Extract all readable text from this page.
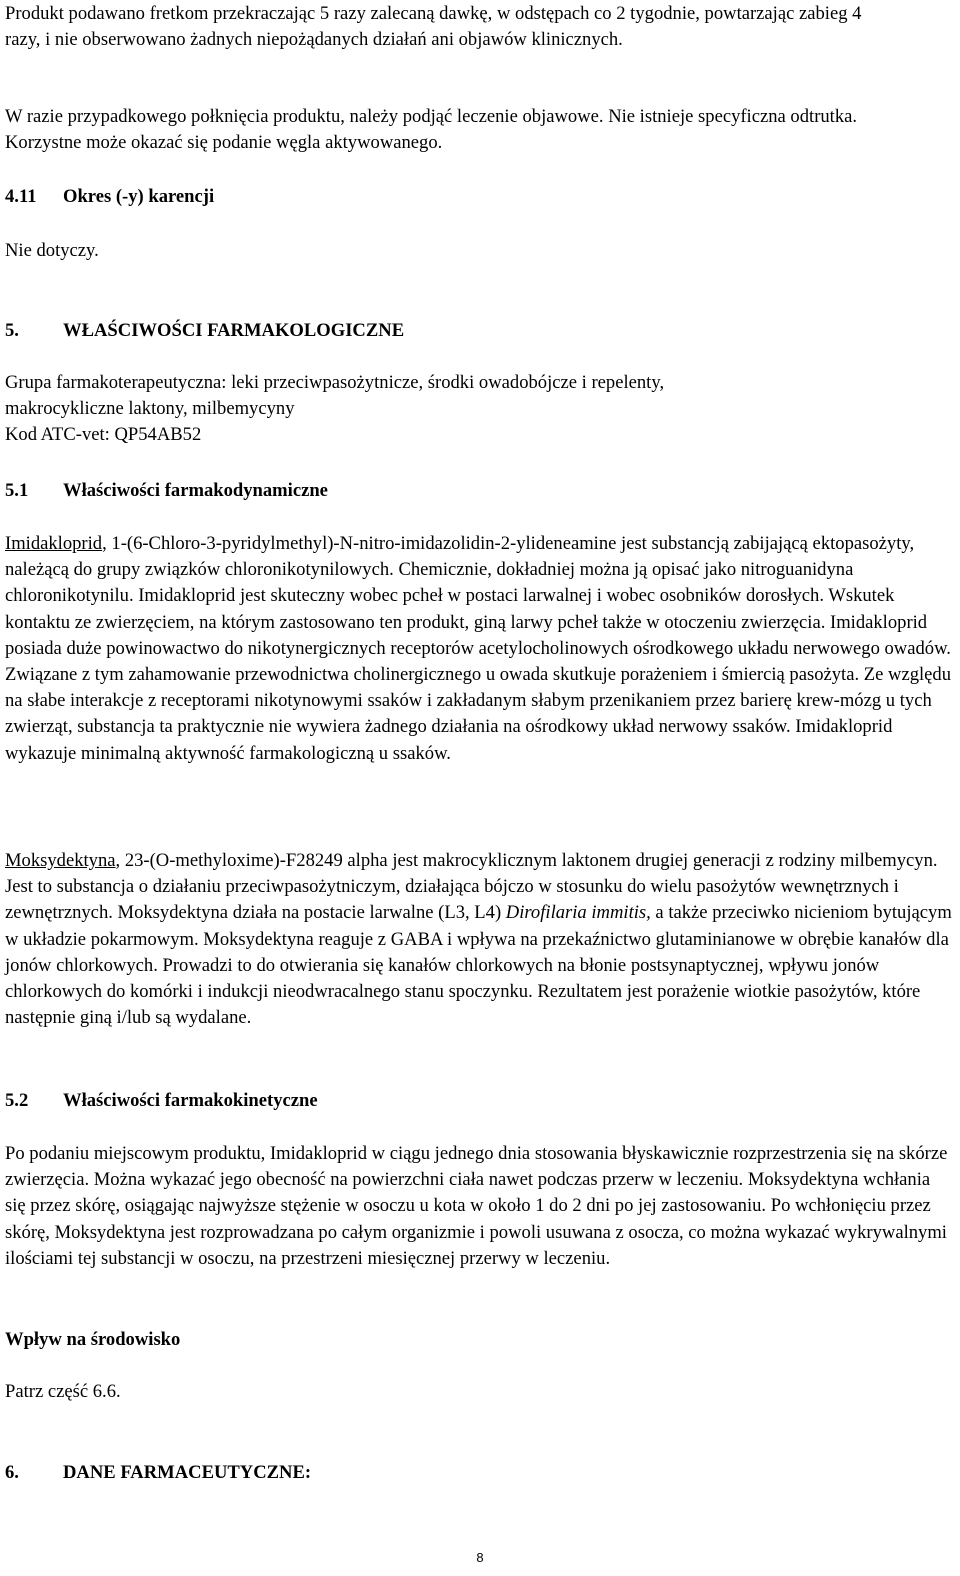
Produkt podawano fretkom przekraczając 5 razy zalecaną dawkę, w odstępach co 2 tygodnie, powtarzając zabieg 4 razy, i nie obserwowano żadnych niepożądanych działań ani objawów klinicznych.

W razie przypadkowego połknięcia produktu, należy podjąć leczenie objawowe. Nie istnieje specyficzna odtrutka. Korzystne może okazać się podanie węgla aktywowanego.

4.11	Okres (-y) karencji

Nie dotyczy.

5.	WŁAŚCIWOŚCI FARMAKOLOGICZNE
Grupa farmakoterapeutyczna: leki przeciwpasożytnicze, środki owadobójcze i repelenty,
makrocykliczne laktony, milbemycyny
Kod ATC-vet: QP54AB52
5.1	Właściwości farmakodynamiczne

Imidakloprid, 1-(6-Chloro-3-pyridylmethyl)-N-nitro-imidazolidin-2-ylideneamine jest substancją zabijającą ektopasożyty, należącą do grupy związków chloronikotynilowych. Chemicznie, dokładniej można ją opisać jako nitroguanidyna chloronikotynilu. Imidakloprid jest skuteczny wobec pcheł w postaci larwalnej i wobec osobników dorosłych. Wskutek kontaktu ze zwierzęciem, na którym zastosowano ten produkt, giną larwy pcheł także w otoczeniu zwierzęcia. Imidakloprid posiada duże powinowactwo do nikotynergicznych receptorów acetylocholinowych ośrodkowego układu nerwowego owadów. Związane z tym zahamowanie przewodnictwa cholinergicznego u owada skutkuje porażeniem i śmiercią pasożyta. Ze względu na słabe interakcje z receptorami nikotynowymi ssaków i zakładanym słabym przenikaniem przez barierę krew-mózg u tych zwierząt, substancja ta praktycznie nie wywiera żadnego działania na ośrodkowy układ nerwowy ssaków. Imidakloprid wykazuje minimalną aktywność farmakologiczną u ssaków.

Moksydektyna, 23-(O-methyloxime)-F28249 alpha jest makrocyklicznym laktonem drugiej generacji z rodziny milbemycyn. Jest to substancja o działaniu przeciwpasożytniczym, działająca bójczo w stosunku do wielu pasożytów wewnętrznych i zewnętrznych. Moksydektyna działa na postacie larwalne (L3, L4) Dirofilaria immitis, a także przeciwko nicieniom bytującym w układzie pokarmowym. Moksydektyna reaguje z GABA i wpływa na przekaźnictwo glutaminianowe w obrębie kanałów dla jonów chlorkowych. Prowadzi to do otwierania się kanałów chlorkowych na błonie postsynaptycznej, wpływu jonów chlorkowych do komórki i indukcji nieodwracalnego stanu spoczynku. Rezultatem jest porażenie wiotkie pasożytów, które następnie giną i/lub są wydalane.

5.2	Właściwości farmakokinetyczne

Po podaniu miejscowym produktu, Imidakloprid w ciągu jednego dnia stosowania błyskawicznie rozprzestrzenia się na skórze zwierzęcia. Można wykazać jego obecność na powierzchni ciała nawet podczas przerw w leczeniu. Moksydektyna wchłania się przez skórę, osiągając najwyższe stężenie w osoczu u kota w około 1 do 2 dni po jej zastosowaniu. Po wchłonięciu przez skórę, Moksydektyna jest rozprowadzana po całym organizmie i powoli usuwana z osocza, co można wykazać wykrywalnymi ilościami tej substancji w osoczu, na przestrzeni miesięcznej przerwy w leczeniu.

Wpływ na środowisko

Patrz część 6.6.

6.	DANE FARMACEUTYCZNE:
8
